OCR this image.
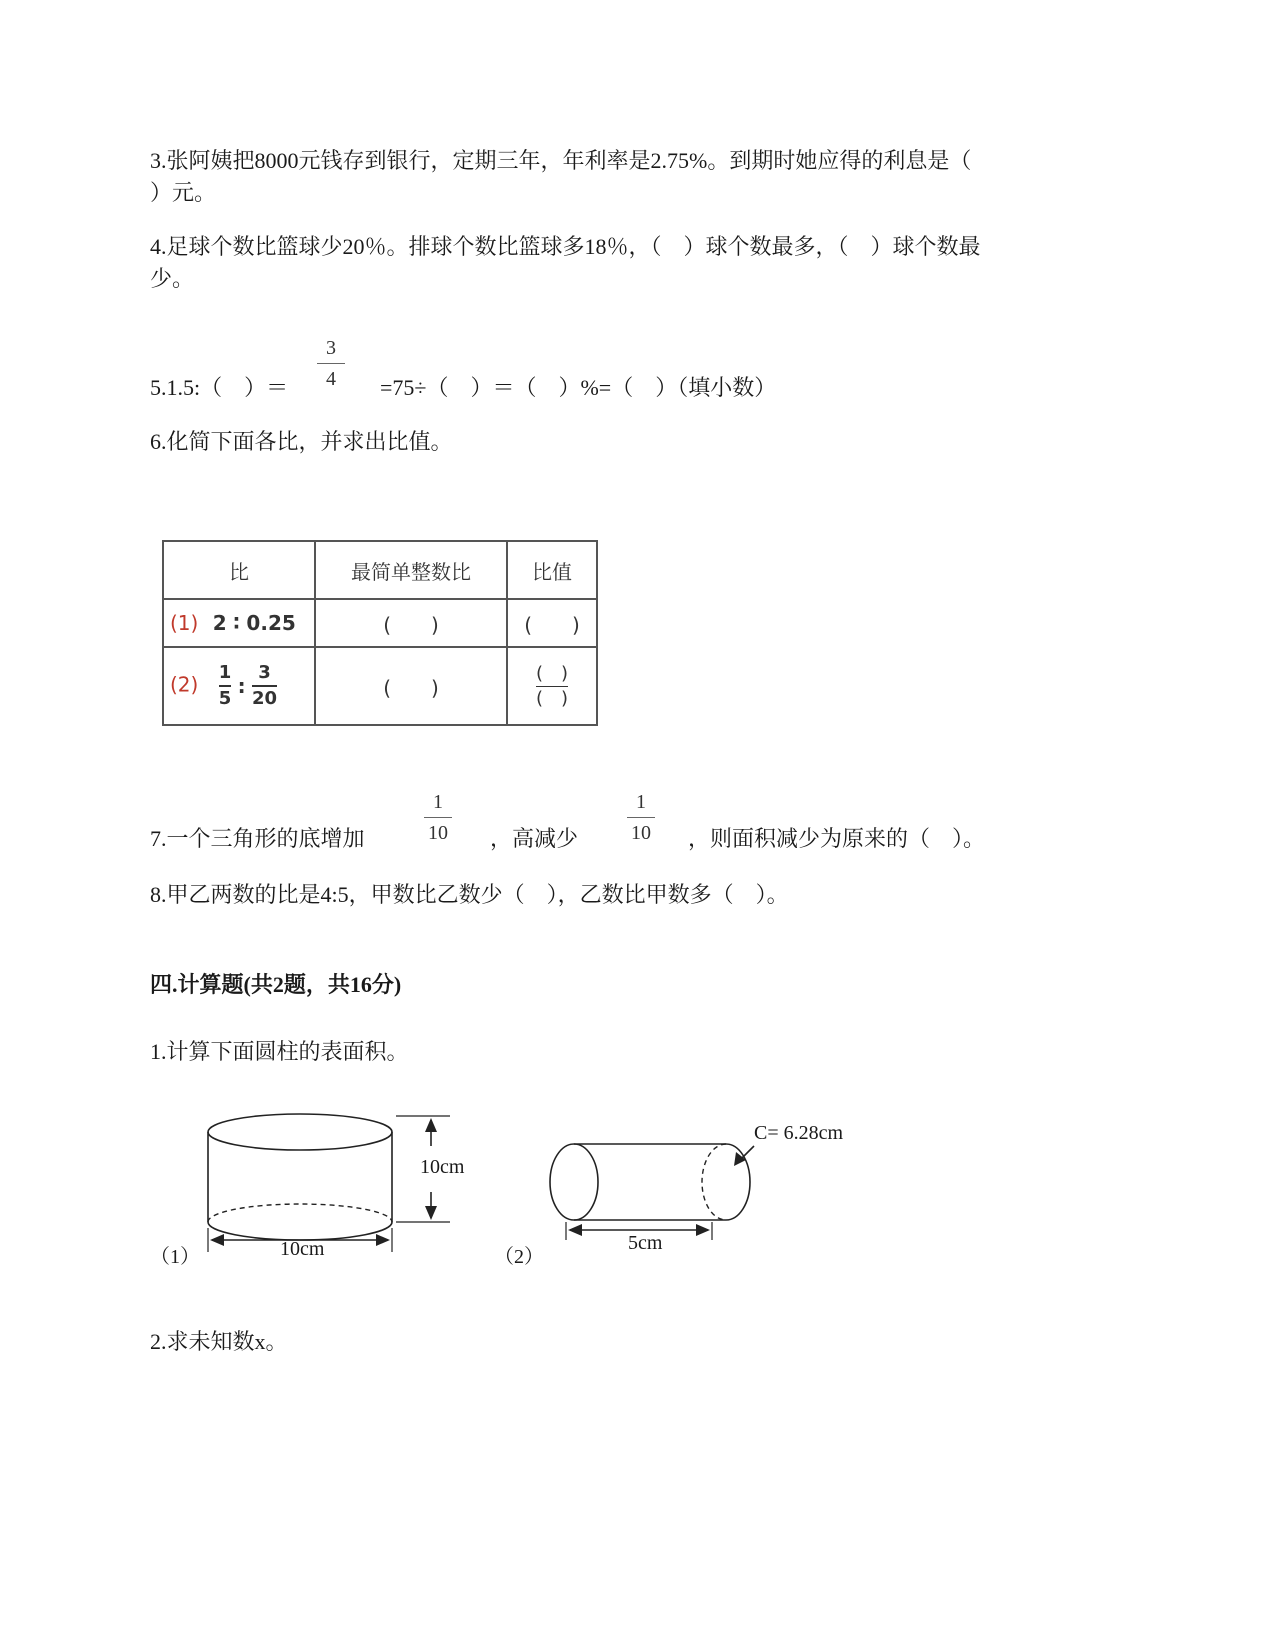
3.张阿姨把8000元钱存到银行，定期三年，年利率是2.75%。到期时她应得的利息是（
）元。
4.足球个数比篮球少20％。排球个数比篮球多18％，（　）球个数最多，（　）球个数最
少。
5.1.5:（　）＝
3
4	=75÷（　）＝（　）%=（　）（填小数）
6.化简下面各比，并求出比值。
比	最简单整数比	比值
(1) 2 ∶ 0.25	(　　)	(　　)
$(2) \frac{1}{5}$ : $\frac{3}{20}$	(　　)	$\frac{( )}{( )}$
7.一个三角形的底增加
1
10	，高减少
1
10	，则面积减少为原来的（　）。
8.甲乙两数的比是4:5，甲数比乙数少（　），乙数比甲数多（　）。
四.计算题(共2题，共16分)
1.计算下面圆柱的表面积。
10cm
10cm
（1）
C= 6.28cm
5cm
（2）
2.求未知数x。
